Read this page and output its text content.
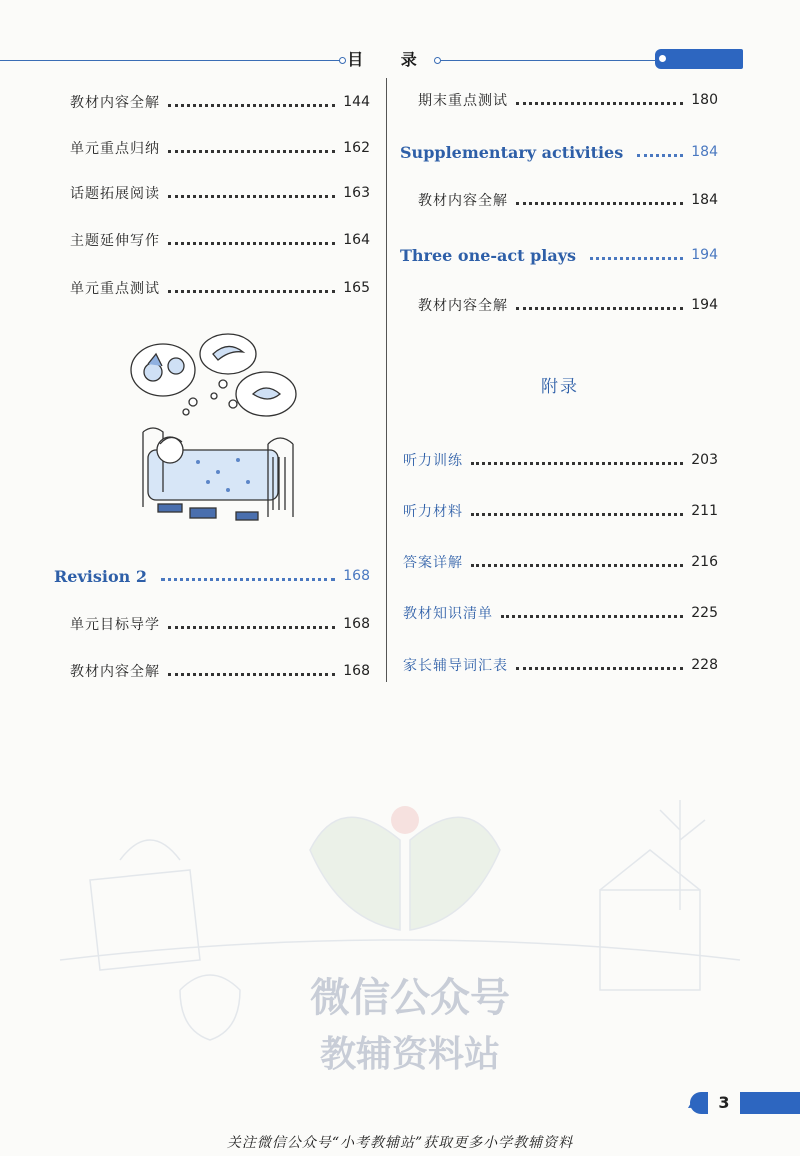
目 录
教材内容全解	144
单元重点归纳	162
话题拓展阅读	163
主题延伸写作	164
单元重点测试	165
Revision 2	168
单元目标导学	168
教材内容全解	168
期末重点测试	180
Supplementary activities	184
教材内容全解	184
Three one-act plays	194
教材内容全解	194
附录
听力训练	203
听力材料	211
答案详解	216
教材知识清单	225
家长辅导词汇表	228
微信公众号
教辅资料站
3
关注微信公众号“小考教辅站”获取更多小学教辅资料
